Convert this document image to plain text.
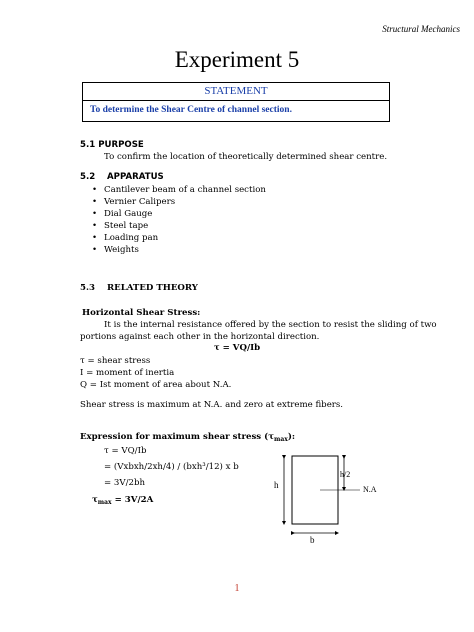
Structural Mechanics
Experiment 5
STATEMENT
To determine the Shear Centre of channel section.
5.1 PURPOSE
To confirm the location of theoretically determined shear centre.
5.2 APPARATUS
• Cantilever beam of a channel section
• Vernier Calipers
• Dial Gauge
• Steel tape
• Loading pan
• Weights
5.3 RELATED THEORY
Horizontal Shear Stress:
It is the internal resistance offered by the section to resist the sliding of two
portions against each other in the horizontal direction.
τ = VQ/Ib
τ = shear stress
I = moment of inertia
Q = Ist moment of area about N.A.
Shear stress is maximum at N.A. and zero at extreme fibers.
Expression for maximum shear stress $(\tau_{max})$:
τ = VQ/Ib
= (Vxbxh/2xh/4) / (bxh³/12) x b
= 3V/2bh
$\tau_{max} = 3V/2A$
h
h/2
N.A
b
1
